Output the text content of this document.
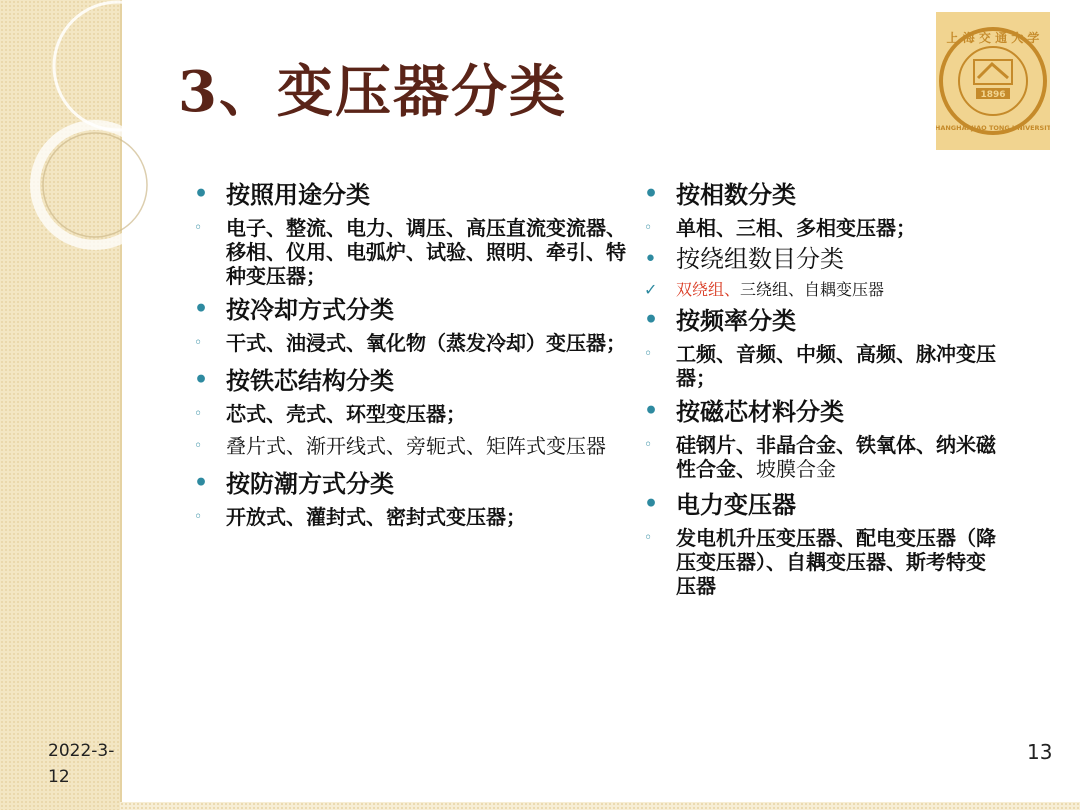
3、变压器分类
上 海 交 通 大 学
1896
SHANGHAI JIAO TONG UNIVERSITY
• 按照用途分类
◦ 电子、整流、电力、调压、高压直流变流器、移相、仪用、电弧炉、试验、照明、牵引、特种变压器；
• 按冷却方式分类
◦ 干式、油浸式、氧化物（蒸发冷却）变压器；
• 按铁芯结构分类
◦ 芯式、壳式、环型变压器；
◦ 叠片式、渐开线式、旁轭式、矩阵式变压器
• 按防潮方式分类
◦ 开放式、灌封式、密封式变压器；
• 按相数分类
◦ 单相、三相、多相变压器；
• 按绕组数目分类
✓ 双绕组、三绕组、自耦变压器
• 按频率分类
◦ 工频、音频、中频、高频、脉冲变压器；
• 按磁芯材料分类
◦ 硅钢片、非晶合金、铁氧体、纳米磁性合金、坡膜合金
• 电力变压器
◦ 发电机升压变压器、配电变压器（降压变压器）、自耦变压器、斯考特变压器
2022-3-12
13
